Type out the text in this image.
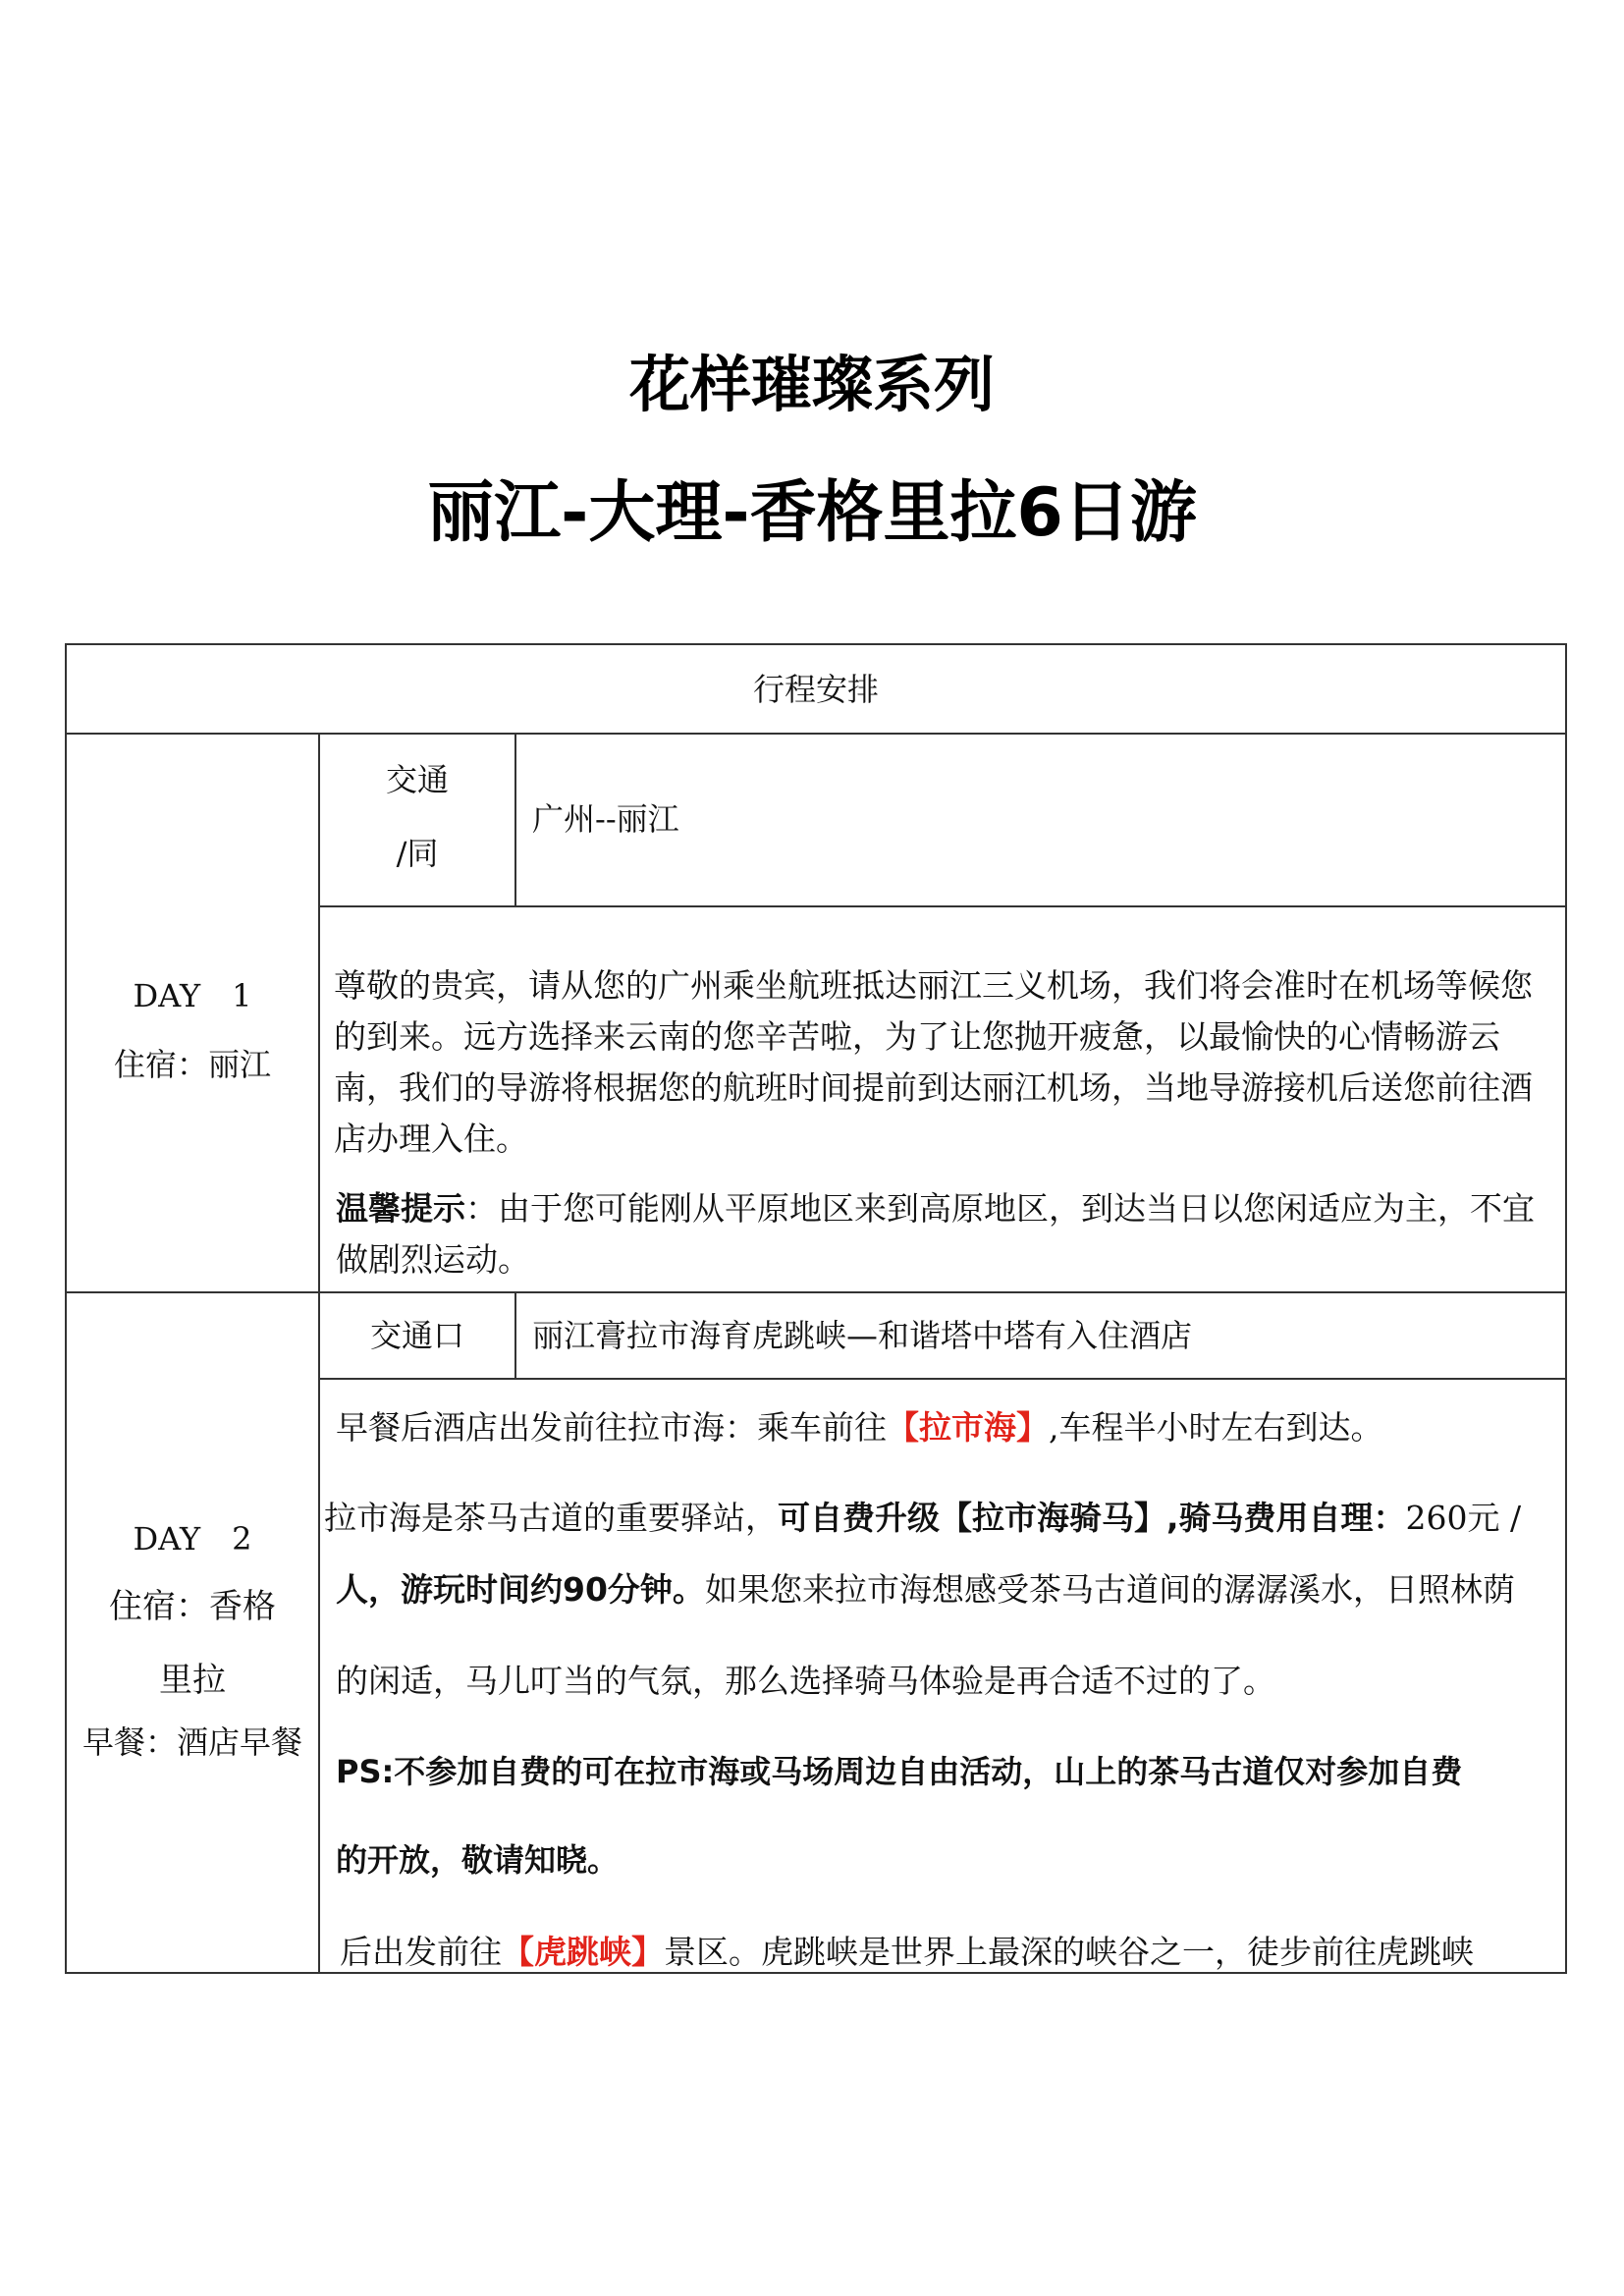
花样璀璨系列
丽江-大理-香格里拉6日游
行程安排
DAY　1
住宿：丽江
交通
/同
广州--丽江
尊敬的贵宾，请从您的广州乘坐航班抵达丽江三义机场，我们将会准时在机场等候您的到来。远方选择来云南的您辛苦啦，为了让您抛开疲惫，以最愉快的心情畅游云南，我们的导游将根据您的航班时间提前到达丽江机场，当地导游接机后送您前往酒店办理入住。
温馨提示：由于您可能刚从平原地区来到高原地区，到达当日以您闲适应为主，不宜做剧烈运动。
DAY　2
住宿：香格
里拉
早餐：酒店早餐
交通口	丽江膏拉市海育虎跳峡—和谐塔中塔有入住酒店
早餐后酒店出发前往拉市海：乘车前往【拉市海】,车程半小时左右到达。
拉市海是茶马古道的重要驿站，可自费升级【拉市海骑马】,骑马费用自理：260元 /
人，游玩时间约90分钟。如果您来拉市海想感受茶马古道间的潺潺溪水，日照林荫
的闲适，马儿叮当的气氛，那么选择骑马体验是再合适不过的了。
PS:不参加自费的可在拉市海或马场周边自由活动，山上的茶马古道仅对参加自费
的开放，敬请知晓。
后出发前往【虎跳峡】景区。虎跳峡是世界上最深的峡谷之一，徒步前往虎跳峡
